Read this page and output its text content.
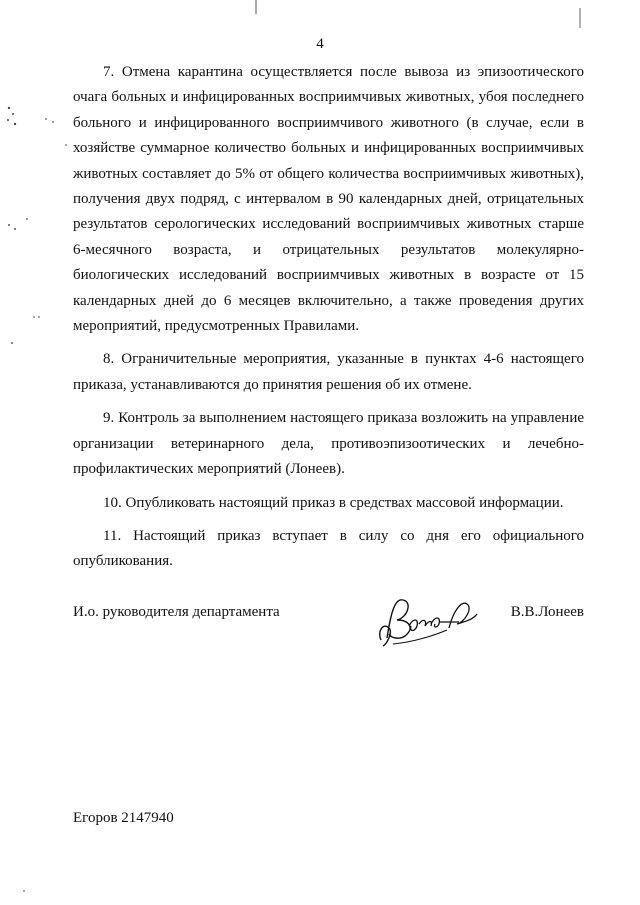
4

7. Отмена карантина осуществляется после вывоза из эпизоотического очага больных и инфицированных восприимчивых животных, убоя последнего больного и инфицированного восприимчивого животного (в случае, если в хозяйстве суммарное количество больных и инфицированных восприимчивых животных составляет до 5% от общего количества восприимчивых животных), получения двух подряд, с интервалом в 90 календарных дней, отрицательных результатов серологических исследований восприимчивых животных старше 6-месячного возраста, и отрицательных результатов молекулярно-биологических исследований восприимчивых животных в возрасте от 15 календарных дней до 6 месяцев включительно, а также проведения других мероприятий, предусмотренных Правилами.

8. Ограничительные мероприятия, указанные в пунктах 4-6 настоящего приказа, устанавливаются до принятия решения об их отмене.

9. Контроль за выполнением настоящего приказа возложить на управление организации ветеринарного дела, противоэпизоотических и лечебно-профилактических мероприятий (Лонеев).

10. Опубликовать настоящий приказ в средствах массовой информации.

11. Настоящий приказ вступает в силу со дня его официального опубликования.

И.о. руководителя департамента	В.В.Лонеев
Егоров 2147940
